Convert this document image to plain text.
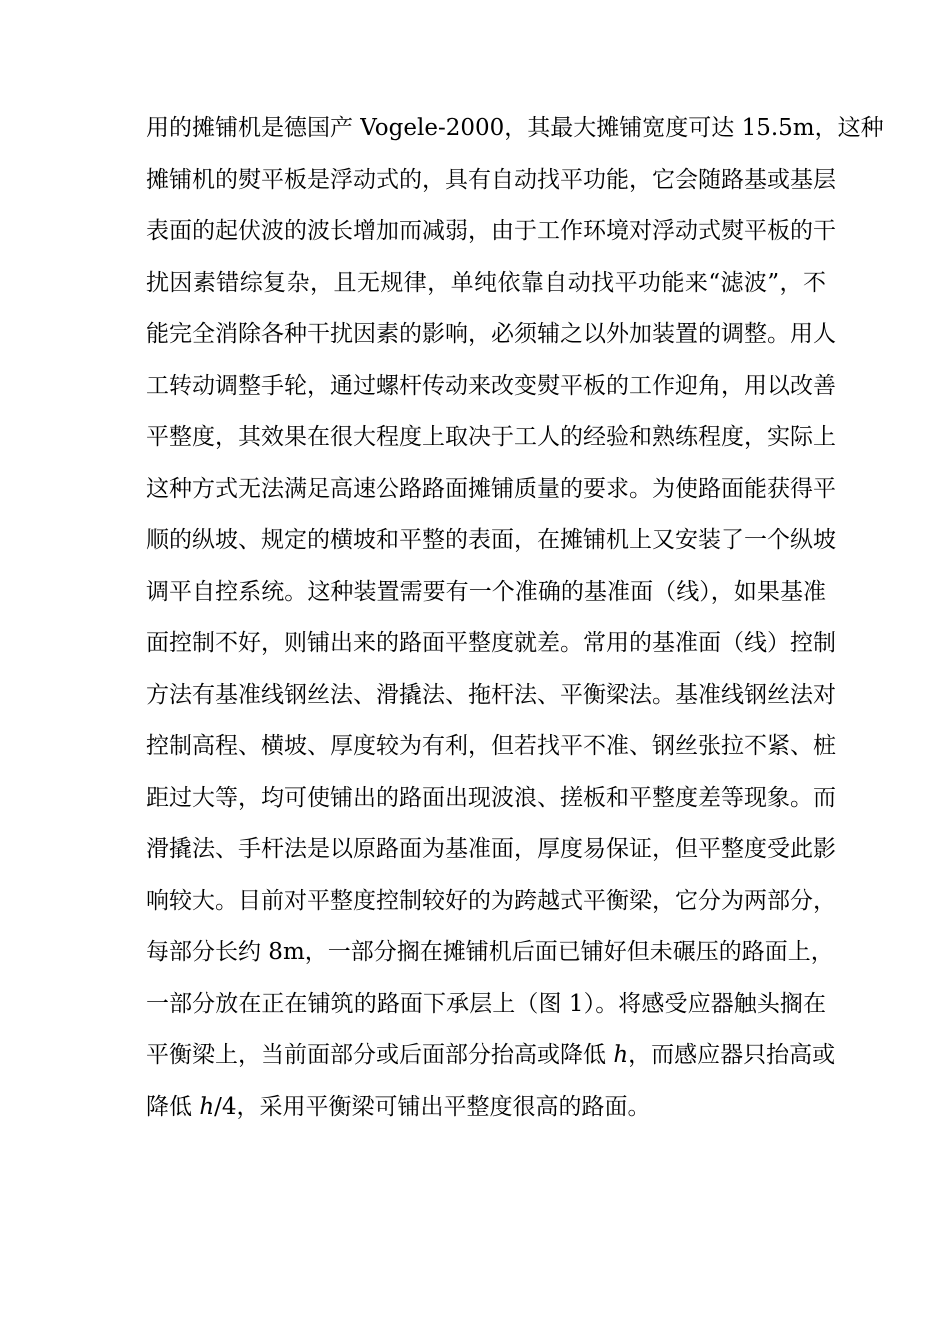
用的摊铺机是德国产 Vogele-2000，其最大摊铺宽度可达 15.5m，这种
摊铺机的熨平板是浮动式的，具有自动找平功能，它会随路基或基层
表面的起伏波的波长增加而减弱，由于工作环境对浮动式熨平板的干
扰因素错综复杂，且无规律，单纯依靠自动找平功能来“滤波”，不
能完全消除各种干扰因素的影响，必须辅之以外加装置的调整。用人
工转动调整手轮，通过螺杆传动来改变熨平板的工作迎角，用以改善
平整度，其效果在很大程度上取决于工人的经验和熟练程度，实际上
这种方式无法满足高速公路路面摊铺质量的要求。为使路面能获得平
顺的纵坡、规定的横坡和平整的表面，在摊铺机上又安装了一个纵坡
调平自控系统。这种装置需要有一个准确的基准面（线），如果基准
面控制不好，则铺出来的路面平整度就差。常用的基准面（线）控制
方法有基准线钢丝法、滑撬法、拖杆法、平衡梁法。基准线钢丝法对
控制高程、横坡、厚度较为有利，但若找平不准、钢丝张拉不紧、桩
距过大等，均可使铺出的路面出现波浪、搓板和平整度差等现象。而
滑撬法、手杆法是以原路面为基准面，厚度易保证，但平整度受此影
响较大。目前对平整度控制较好的为跨越式平衡梁，它分为两部分，
每部分长约 8m，一部分搁在摊铺机后面已铺好但未碾压的路面上，
一部分放在正在铺筑的路面下承层上（图 1）。将感受应器触头搁在
平衡梁上，当前面部分或后面部分抬高或降低 h，而感应器只抬高或
降低 h/4，采用平衡梁可铺出平整度很高的路面。
